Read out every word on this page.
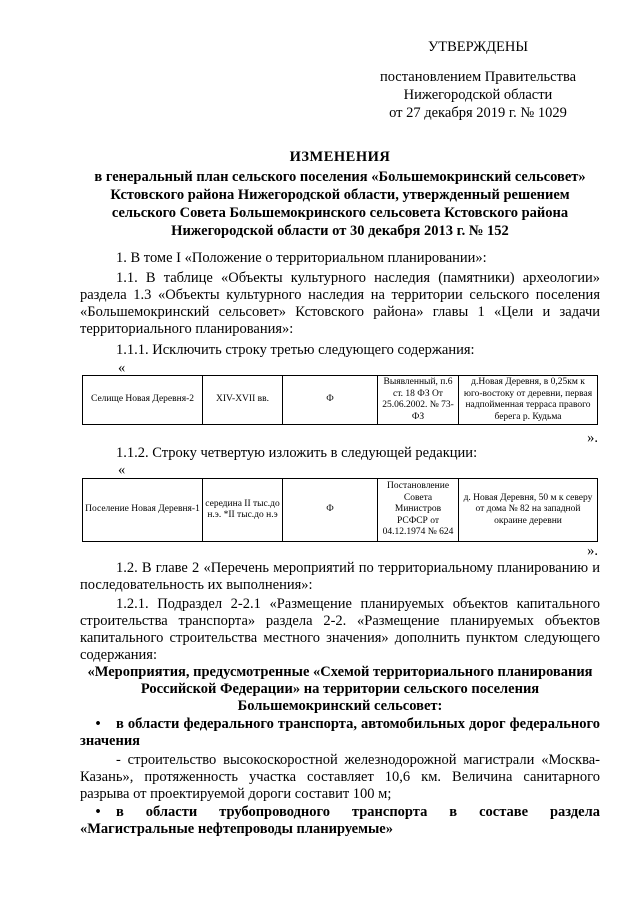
УТВЕРЖДЕНЫ
постановлением Правительства
Нижегородской области
от 27 декабря 2019 г. № 1029
ИЗМЕНЕНИЯ
в генеральный план сельского поселения «Большемокринский сельсовет»
Кстовского района Нижегородской области, утвержденный решением
сельского Совета Большемокринского сельсовета Кстовского района
Нижегородской области от 30 декабря 2013 г. № 152
1. В томе I «Положение о территориальном планировании»:
1.1. В таблице «Объекты культурного наследия (памятники) археологии» раздела 1.3 «Объекты культурного наследия на территории сельского поселения «Большемокринский сельсовет» Кстовского района» главы 1 «Цели и задачи территориального планирования»:
1.1.1. Исключить строку третью следующего содержания:
«
Селище Новая Деревня-2	XIV-XVII вв.	Ф	Выявленный, п.6 ст. 18 ФЗ От 25.06.2002. № 73-ФЗ	д.Новая Деревня, в 0,25км к юго-востоку от деревни, первая надпойменная терраса правого берега р. Кудьма
».
1.1.2. Строку четвертую изложить в следующей редакции:
«
Поселение Новая Деревня-1	середина II тыс.до н.э. *II тыс.до н.э	Ф	Постановление Совета Министров РСФСР от 04.12.1974 № 624	д. Новая Деревня, 50 м к северу от дома № 82 на западной окраине деревни
».
1.2. В главе 2 «Перечень мероприятий по территориальному планированию и последовательность их выполнения»:
1.2.1. Подраздел 2-2.1 «Размещение планируемых объектов капитального строительства транспорта» раздела 2-2. «Размещение планируемых объектов капитального строительства местного значения» дополнить пунктом следующего содержания:
«Мероприятия, предусмотренные «Схемой территориального планирования Российской Федерации» на территории сельского поселения Большемокринский сельсовет:
• в области федерального транспорта, автомобильных дорог федерального значения
- строительство высокоскоростной железнодорожной магистрали «Москва-Казань», протяженность участка составляет 10,6 км. Величина санитарного разрыва от проектируемой дороги составит 100 м;
• в области трубопроводного транспорта в составе раздела «Магистральные нефтепроводы планируемые»
